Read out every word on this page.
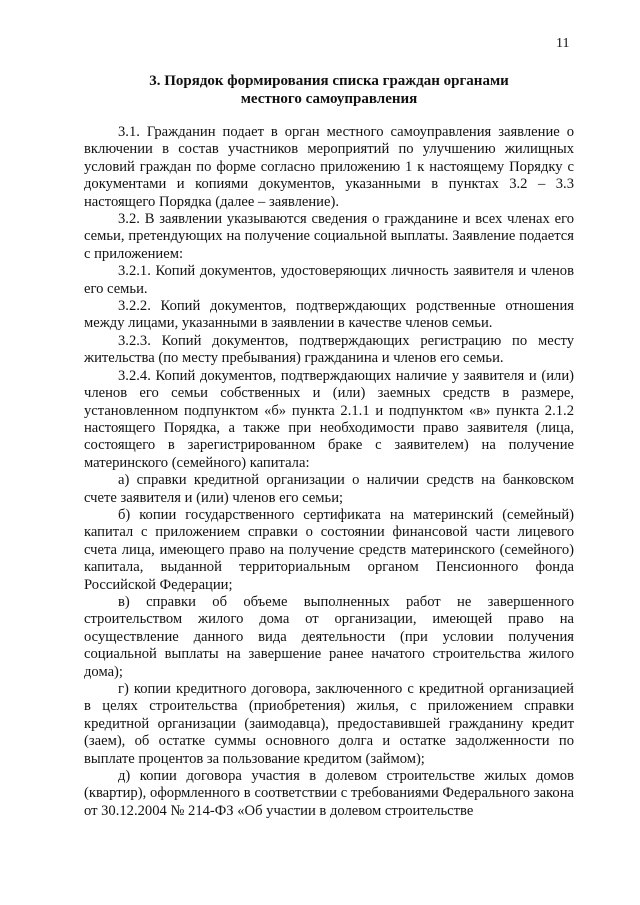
11
3. Порядок формирования списка граждан органами
местного самоуправления

3.1. Гражданин подает в орган местного самоуправления заявление о включении в состав участников мероприятий по улучшению жилищных условий граждан по форме согласно приложению 1 к настоящему Порядку с документами и копиями документов, указанными в пунктах 3.2 – 3.3 настоящего Порядка (далее – заявление).

3.2. В заявлении указываются сведения о гражданине и всех членах его семьи, претендующих на получение социальной выплаты. Заявление подается с приложением:

3.2.1. Копий документов, удостоверяющих личность заявителя и членов его семьи.

3.2.2. Копий документов, подтверждающих родственные отношения между лицами, указанными в заявлении в качестве членов семьи.

3.2.3. Копий документов, подтверждающих регистрацию по месту жительства (по месту пребывания) гражданина и членов его семьи.

3.2.4. Копий документов, подтверждающих наличие у заявителя и (или) членов его семьи собственных и (или) заемных средств в размере, установленном подпунктом «б» пункта 2.1.1 и подпунктом «в» пункта 2.1.2 настоящего Порядка, а также при необходимости право заявителя (лица, состоящего в зарегистрированном браке с заявителем) на получение материнского (семейного) капитала:

а) справки кредитной организации о наличии средств на банковском счете заявителя и (или) членов его семьи;

б) копии государственного сертификата на материнский (семейный) капитал с приложением справки о состоянии финансовой части лицевого счета лица, имеющего право на получение средств материнского (семейного) капитала, выданной территориальным органом Пенсионного фонда Российской Федерации;

в) справки об объеме выполненных работ не завершенного строительством жилого дома от организации, имеющей право на осуществление данного вида деятельности (при условии получения социальной выплаты на завершение ранее начатого строительства жилого дома);

г) копии кредитного договора, заключенного с кредитной организацией в целях строительства (приобретения) жилья, с приложением справки кредитной организации (заимодавца), предоставившей гражданину кредит (заем), об остатке суммы основного долга и остатке задолженности по выплате процентов за пользование кредитом (займом);

д) копии договора участия в долевом строительстве жилых домов (квартир), оформленного в соответствии с требованиями Федерального закона от 30.12.2004 № 214-ФЗ «Об участии в долевом строительстве
